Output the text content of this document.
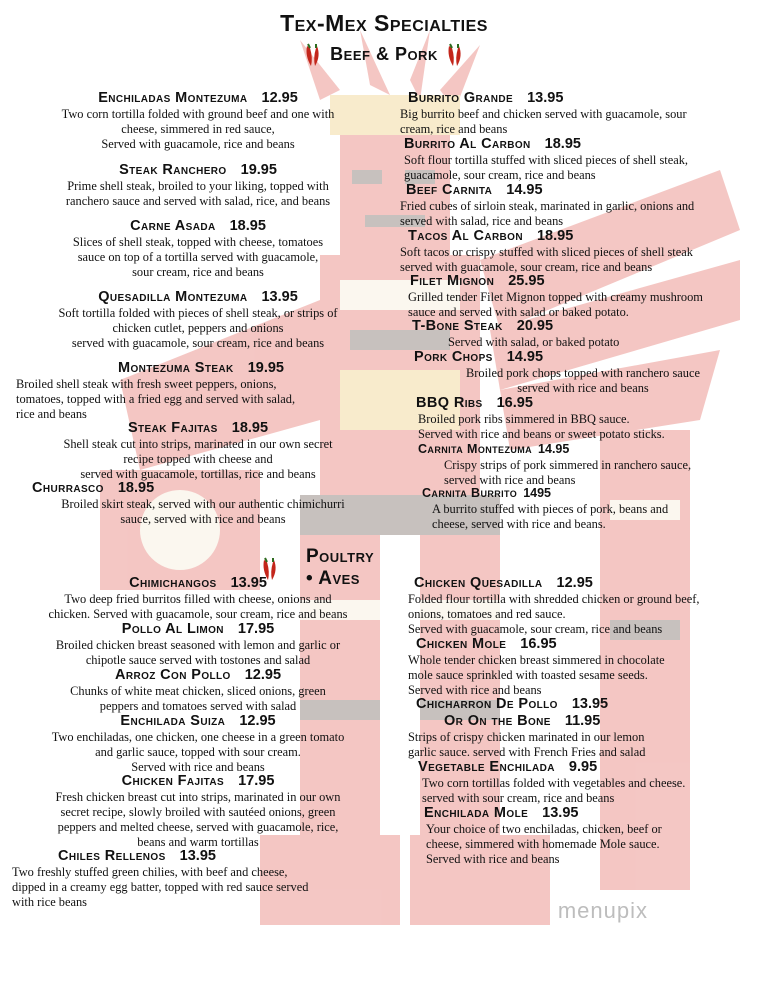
Tex-Mex Specialties
Beef & Pork
Enchiladas Montezuma 12.95
Two corn tortilla folded with ground beef and one with
cheese, simmered in red sauce,
Served with guacamole, rice and beans
Steak Ranchero 19.95
Prime shell steak, broiled to your liking, topped with
ranchero sauce and served with salad, rice, and beans
Carne Asada 18.95
Slices of shell steak, topped with cheese, tomatoes
sauce on top of a tortilla served with guacamole,
sour cream, rice and beans
Quesadilla Montezuma 13.95
Soft tortilla folded with pieces of shell steak, or strips of
chicken cutlet, peppers and onions
served with guacamole, sour cream, rice and beans
Montezuma Steak 19.95
Broiled shell steak with fresh sweet peppers, onions,
tomatoes, topped with a fried egg and served with salad,
rice and beans
Steak Fajitas 18.95
Shell steak cut into strips, marinated in our own secret
recipe topped with cheese and
served with guacamole, tortillas, rice and beans
Churrasco 18.95
Broiled skirt steak, served with our authentic chimichurri
sauce, served with rice and beans
Burrito Grande 13.95
Big burrito beef and chicken served with guacamole, sour
cream, rice and beans
Burrito Al Carbon 18.95
Soft flour tortilla stuffed with sliced pieces of shell steak,
guacamole, sour cream, rice and beans
Beef Carnita 14.95
Fried cubes of sirloin steak, marinated in garlic, onions and
served with salad, rice and beans
Tacos Al Carbon 18.95
Soft tacos or crispy stuffed with sliced pieces of shell steak
served with guacamole, sour cream, rice and beans
Filet Mignon 25.95
Grilled tender Filet Mignon topped with creamy mushroom
sauce and served with salad or baked potato.
T-Bone Steak 20.95
Served with salad, or baked potato
Pork Chops 14.95
Broiled pork chops topped with ranchero sauce
served with rice and beans
BBQ Ribs 16.95
Broiled pork ribs simmered in BBQ sauce.
Served with rice and beans or sweet potato sticks.
Carnita Montezuma 14.95
Crispy strips of pork simmered in ranchero sauce,
served with rice and beans
Carnita Burrito 1495
A burrito stuffed with pieces of pork, beans and
cheese, served with rice and beans.
Poultry • Aves
Chimichangos 13.95
Two deep fried burritos filled with cheese, onions and
chicken. Served with guacamole, sour cream, rice and beans
Pollo Al Limon 17.95
Broiled chicken breast seasoned with lemon and garlic or
chipotle sauce served with tostones and salad
Arroz Con Pollo 12.95
Chunks of white meat chicken, sliced onions, green
peppers and tomatoes served with salad
Enchilada Suiza 12.95
Two enchiladas, one chicken, one cheese in a green tomato
and garlic sauce, topped with sour cream.
Served with rice and beans
Chicken Fajitas 17.95
Fresh chicken breast cut into strips, marinated in our own
secret recipe, slowly broiled with sautéed onions, green
peppers and melted cheese, served with guacamole, rice,
beans and warm tortillas
Chiles Rellenos 13.95
Two freshly stuffed green chilies, with beef and cheese,
dipped in a creamy egg batter, topped with red sauce served
with rice beans
Chicken Quesadilla 12.95
Folded flour tortilla with shredded chicken or ground beef,
onions, tomatoes and red sauce.
Served with guacamole, sour cream, rice and beans
Chicken Mole 16.95
Whole tender chicken breast simmered in chocolate
mole sauce sprinkled with toasted sesame seeds.
Served with rice and beans
Chicharron De Pollo 13.95
Or On the Bone 11.95
Strips of crispy chicken marinated in our lemon
garlic sauce. served with French Fries and salad
Vegetable Enchilada 9.95
Two corn tortillas folded with vegetables and cheese.
served with sour cream, rice and beans
Enchilada Mole 13.95
Your choice of two enchiladas, chicken, beef or
cheese, simmered with homemade Mole sauce.
Served with rice and beans
menupix
